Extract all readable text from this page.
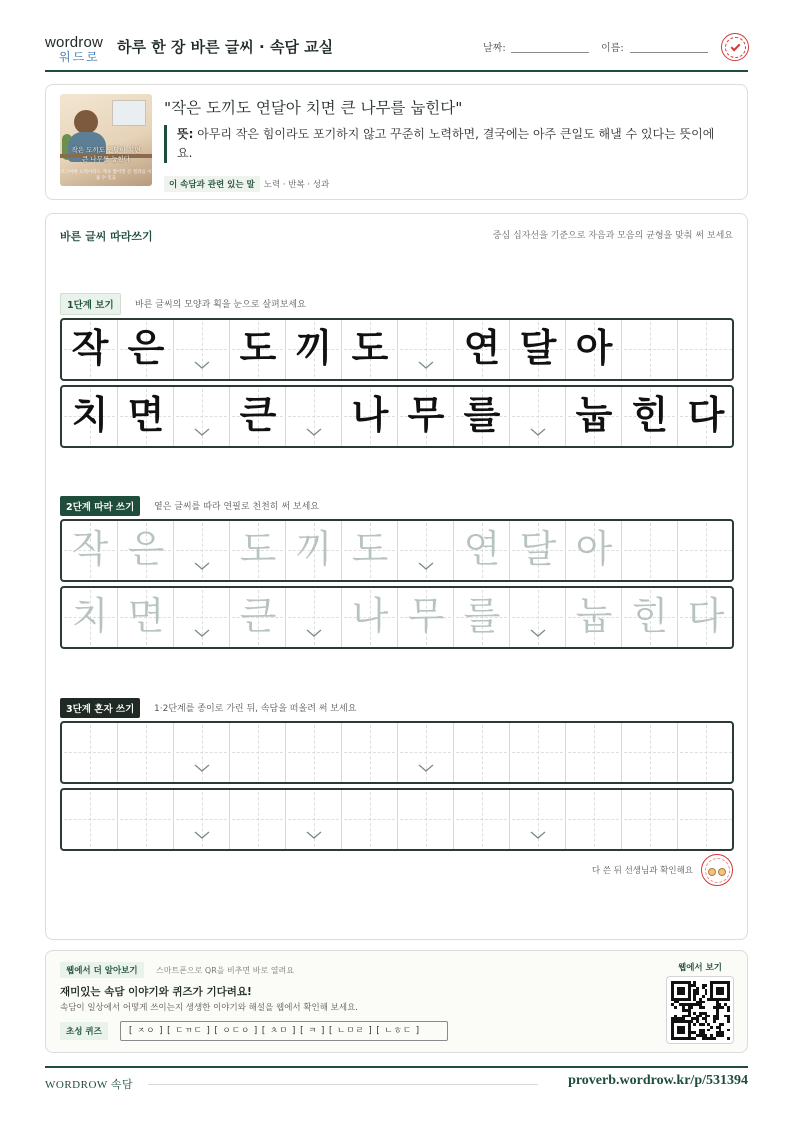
wordrow
워드로
하루 한 장 바른 글씨 · 속담 교실	날짜:	이름:
작은 도끼도 연달아 치면
큰 나무를 눕힌다
조그마한 노력이라도 계속 쌓이면 큰 결과를 이룰 수 있음
"작은 도끼도 연달아 치면 큰 나무를 눕힌다"
뜻: 아무리 작은 힘이라도 포기하지 않고 꾸준히 노력하면, 결국에는 아주 큰일도 해낼 수 있다는 뜻이에요.
이 속담과 관련 있는 말 노력 · 반복 · 성과
바른 글씨 따라쓰기	중심 십자선을 기준으로 자음과 모음의 균형을 맞춰 써 보세요
1단계 보기	바른 글씨의 모양과 획을 눈으로 살펴보세요
2단계 따라 쓰기	옅은 글씨를 따라 연필로 천천히 써 보세요
3단계 혼자 쓰기	1·2단계를 종이로 가린 뒤, 속담을 떠올려 써 보세요
작 은 도 끼 도 연 달 아
치 면 큰 나 무 를 눕 힌 다
작 은 도 끼 도 연 달 아
치 면 큰 나 무 를 눕 힌 다
다 쓴 뒤 선생님과 확인해요
웹에서 더 알아보기	스마트폰으로 QR을 비추면 바로 열려요
재미있는 속담 이야기와 퀴즈가 기다려요!
속담이 일상에서 어떻게 쓰이는지 생생한 이야기와 해설을 웹에서 확인해 보세요.
초성 퀴즈	[ ㅈㅇ ] [ ㄷㄲㄷ ] [ ㅇㄷㅇ ] [ ㅊㅁ ] [ ㅋ ] [ ㄴㅁㄹ ] [ ㄴㅎㄷ ]
웹에서 보기
WORDROW 속담	proverb.wordrow.kr/p/531394
